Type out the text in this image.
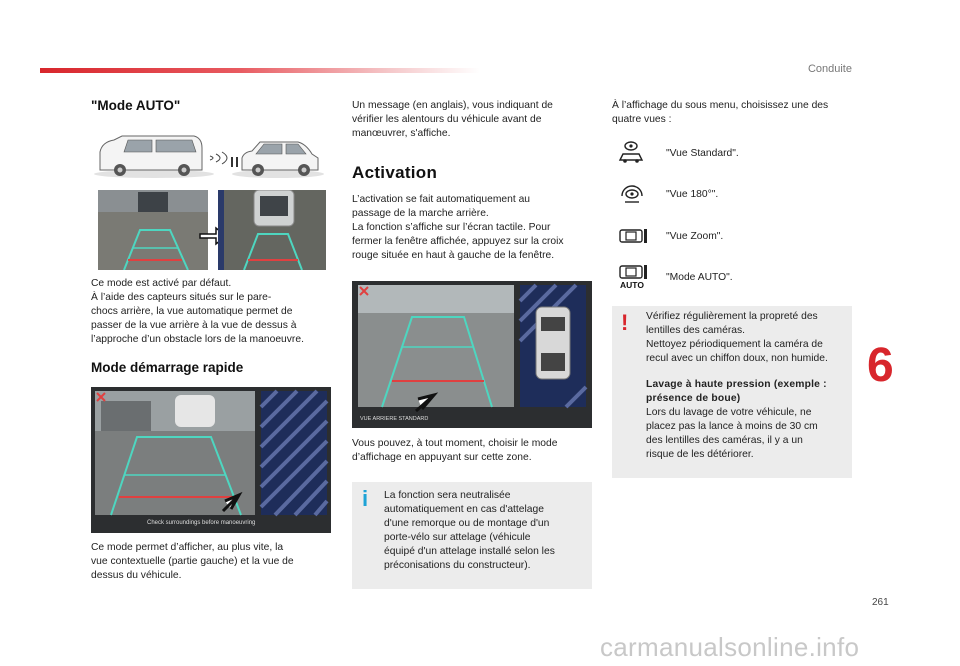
Conduite
"Mode AUTO"
Ce mode est activé par défaut.
À l’aide des capteurs situés sur le pare-
chocs arrière, la vue automatique permet de
passer de la vue arrière à la vue de dessus à
l’approche d’un obstacle lors de la manoeuvre.
Mode démarrage rapide
Check surroundings before manoeuvring
Ce mode permet d’afficher, au plus vite, la
vue contextuelle (partie gauche) et la vue de
dessus du véhicule.
Un message (en anglais), vous indiquant de
vérifier les alentours du véhicule avant de
manœuvrer, s'affiche.
Activation
L’activation se fait automatiquement au
passage de la marche arrière.
La fonction s’affiche sur l’écran tactile. Pour
fermer la fenêtre affichée, appuyez sur la croix
rouge située en haut à gauche de la fenêtre.
VUE ARRIERE STANDARD
Vous pouvez, à tout moment, choisir le mode
d’affichage en appuyant sur cette zone.
i La fonction sera neutralisée
automatiquement en cas d'attelage
d'une remorque ou de montage d'un
porte-vélo sur attelage (véhicule
équipé d'un attelage installé selon les
préconisations du constructeur).
À l’affichage du sous menu, choisissez une des
quatre vues :
"Vue Standard".
"Vue 180°".
"Vue Zoom".
AUTO
"Mode AUTO".
! Vérifiez régulièrement la propreté des
lentilles des caméras.
Nettoyez périodiquement la caméra de
recul avec un chiffon doux, non humide.
Lavage à haute pression (exemple :
présence de boue)
Lors du lavage de votre véhicule, ne
placez pas la lance à moins de 30 cm
des lentilles des caméras, il y a un
risque de les détériorer.
6
261
carmanualsonline.info
